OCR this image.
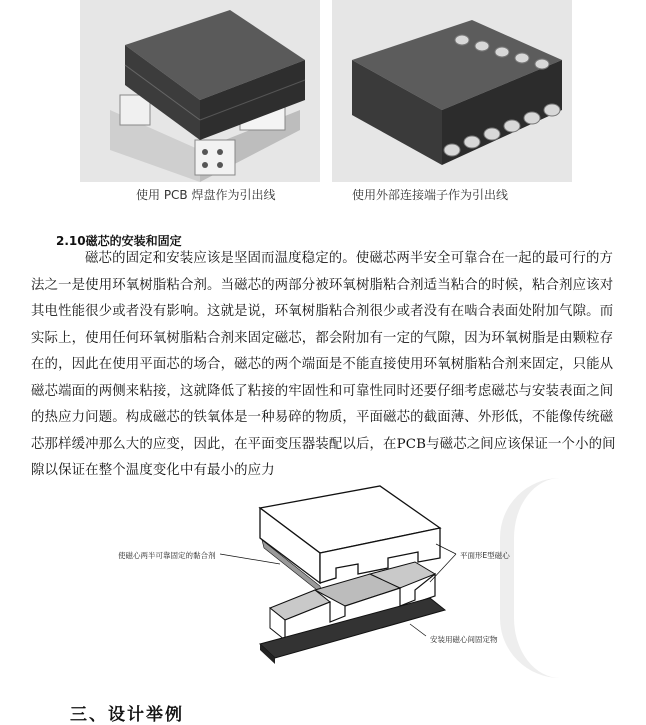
使用 PCB 焊盘作为引出线	使用外部连接端子作为引出线
2.10磁芯的安装和固定
磁芯的固定和安装应该是坚固而温度稳定的。使磁芯两半安全可靠合在一起的最可行的方法之一是使用环氧树脂粘合剂。当磁芯的两部分被环氧树脂粘合剂适当粘合的时候，粘合剂应该对其电性能很少或者没有影响。这就是说，环氧树脂粘合剂很少或者没有在啮合表面处附加气隙。而实际上，使用任何环氧树脂粘合剂来固定磁芯，都会附加有一定的气隙，因为环氧树脂是由颗粒存在的，因此在使用平面芯的场合，磁芯的两个端面是不能直接使用环氧树脂粘合剂来固定，只能从磁芯端面的两侧来粘接，这就降低了粘接的牢固性和可靠性同时还要仔细考虑磁芯与安装表面之间的热应力问题。构成磁芯的铁氧体是一种易碎的物质，平面磁芯的截面薄、外形低，不能像传统磁芯那样缓冲那么大的应变，因此，在平面变压器装配以后，在PCB与磁芯之间应该保证一个小的间隙以保证在整个温度变化中有最小的应力
使磁心两半可靠固定的黏合剂	平面形E型磁心
安装用磁心间固定物
三、设计举例
